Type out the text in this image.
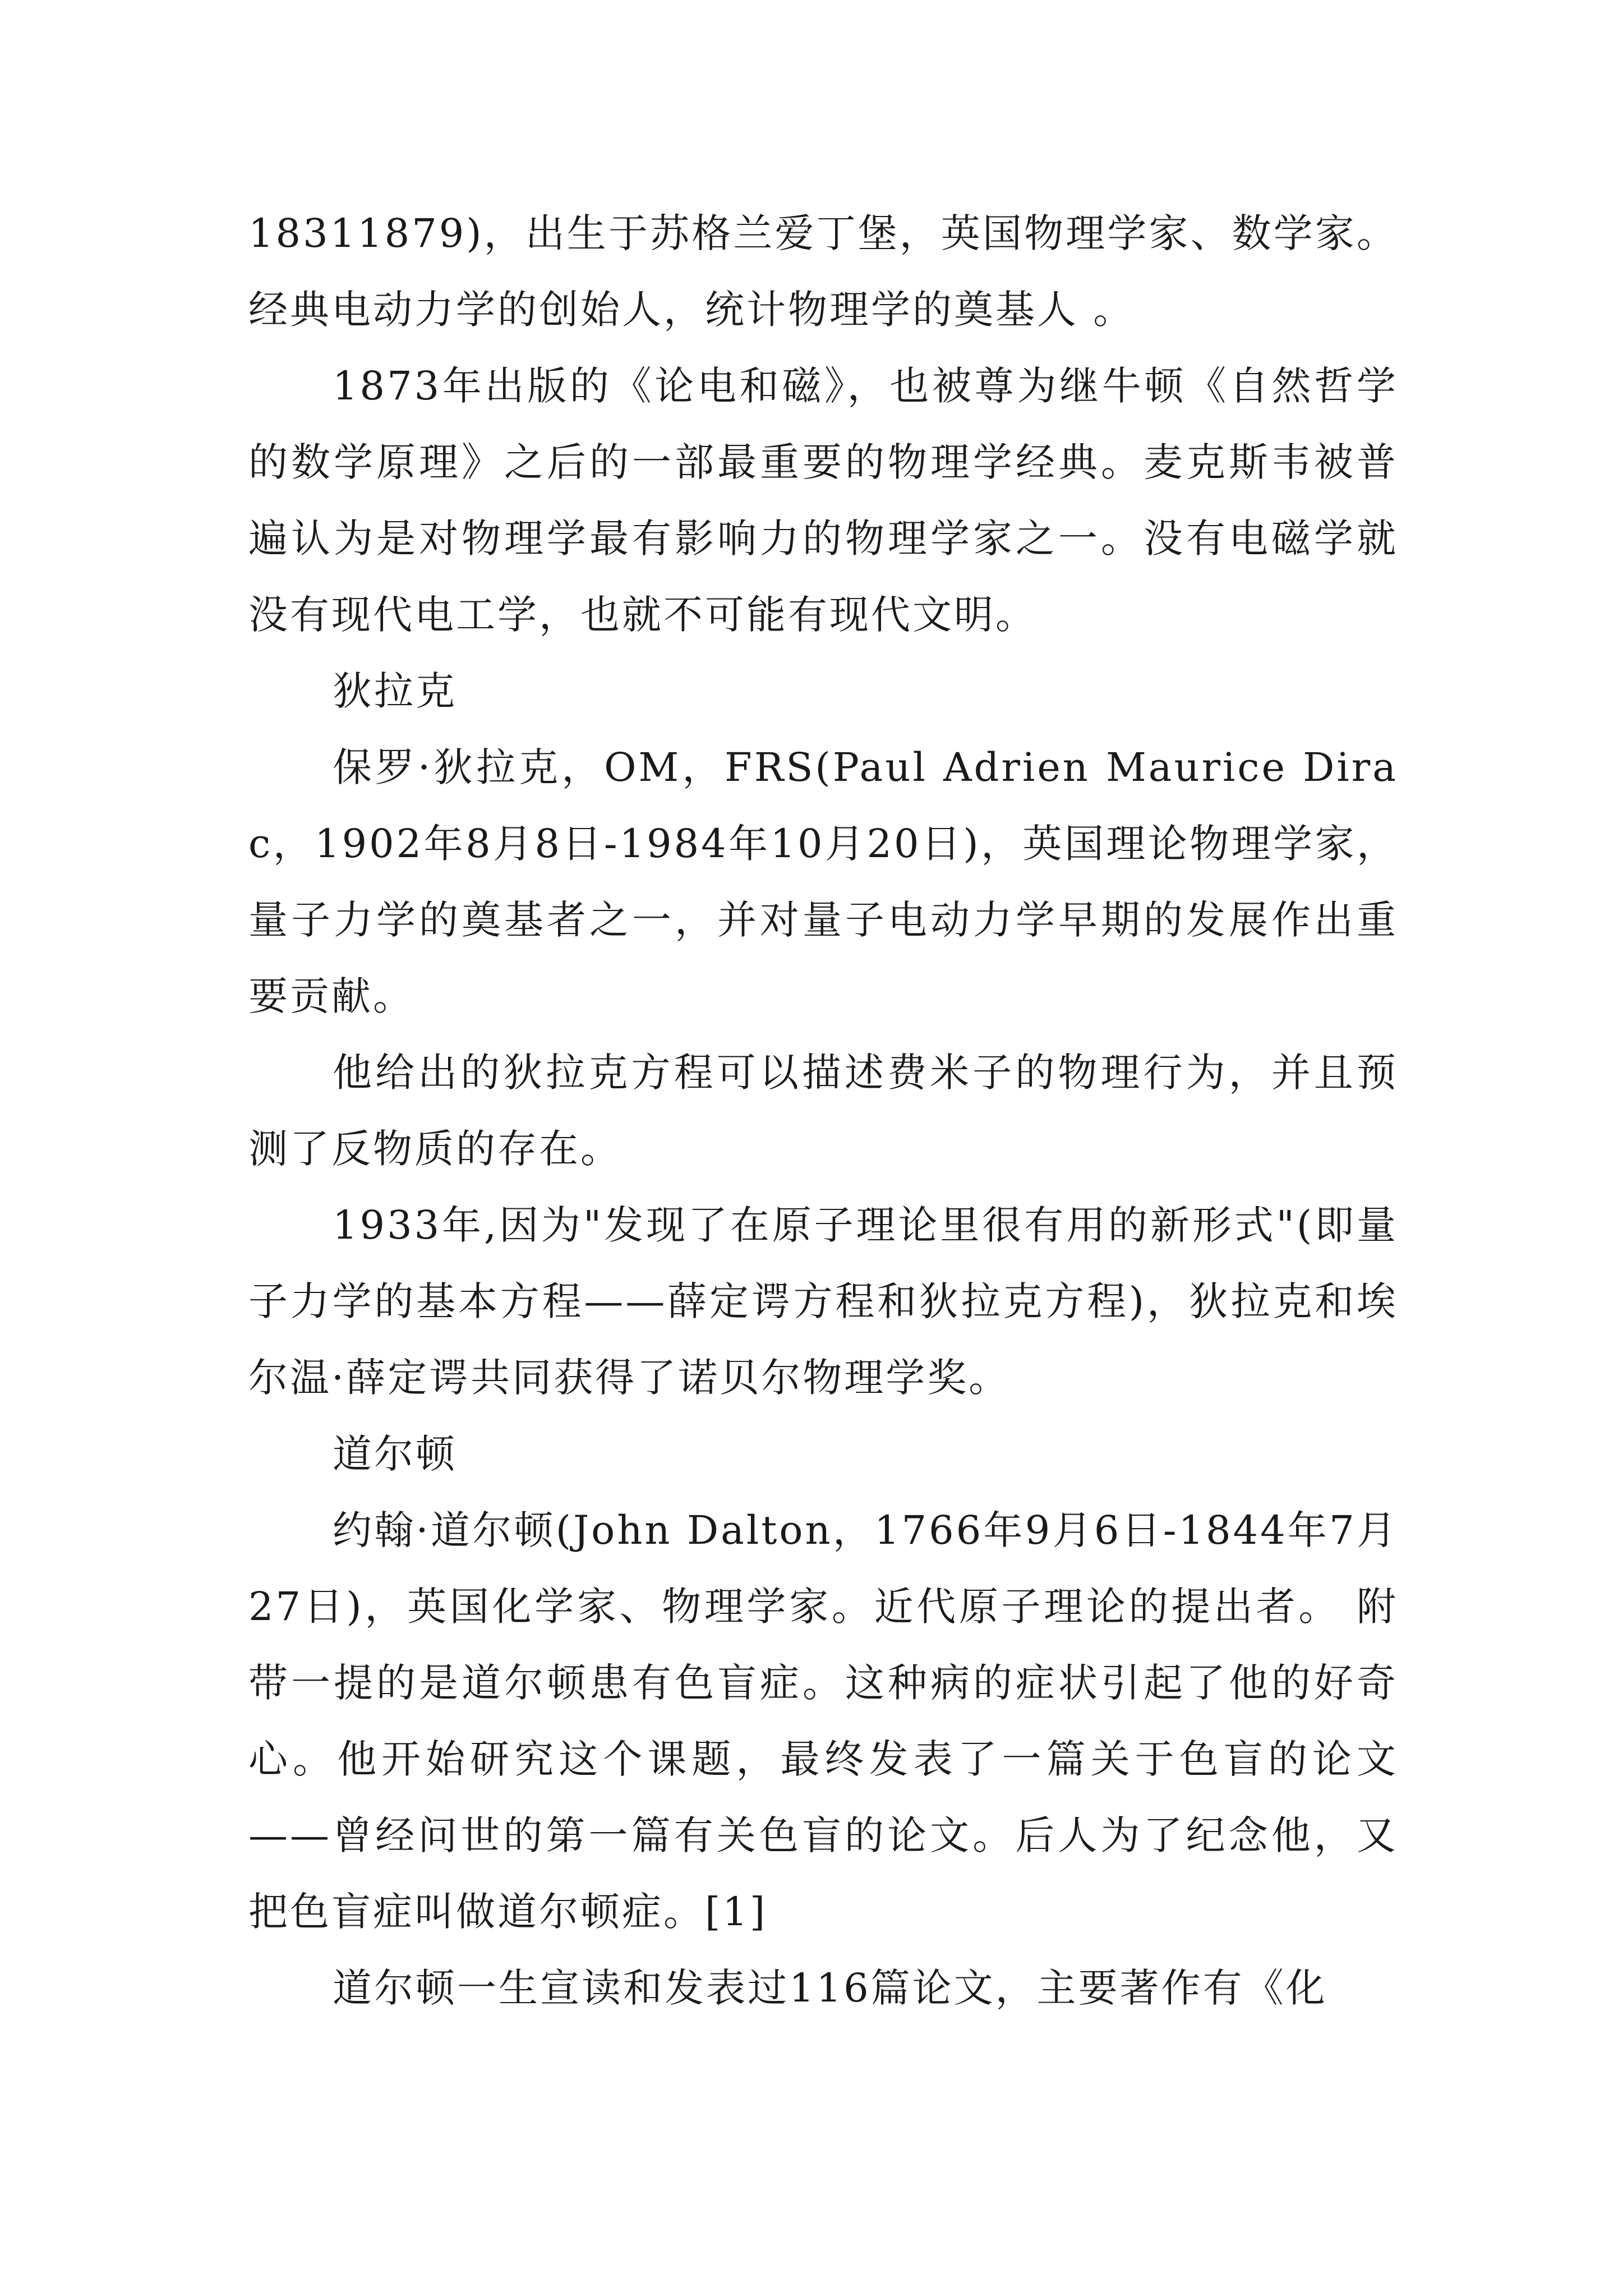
18311879)，出生于苏格兰爱丁堡，英国物理学家、数学家。经典电动力学的创始人，统计物理学的奠基人 。

1873年出版的《论电和磁》，也被尊为继牛顿《自然哲学的数学原理》之后的一部最重要的物理学经典。麦克斯韦被普遍认为是对物理学最有影响力的物理学家之一。没有电磁学就没有现代电工学，也就不可能有现代文明。

狄拉克

保罗·狄拉克，OM，FRS(Paul Adrien Maurice Dirac，1902年8月8日-1984年10月20日)，英国理论物理学家，量子力学的奠基者之一，并对量子电动力学早期的发展作出重要贡献。

他给出的狄拉克方程可以描述费米子的物理行为，并且预测了反物质的存在。

1933年,因为"发现了在原子理论里很有用的新形式"(即量子力学的基本方程——薛定谔方程和狄拉克方程)，狄拉克和埃尔温·薛定谔共同获得了诺贝尔物理学奖。

道尔顿

约翰·道尔顿(John Dalton，1766年9月6日-1844年7月27日)，英国化学家、物理学家。近代原子理论的提出者。 附带一提的是道尔顿患有色盲症。这种病的症状引起了他的好奇心。他开始研究这个课题，最终发表了一篇关于色盲的论文——曾经问世的第一篇有关色盲的论文。后人为了纪念他，又把色盲症叫做道尔顿症。[1]

道尔顿一生宣读和发表过116篇论文，主要著作有《化
